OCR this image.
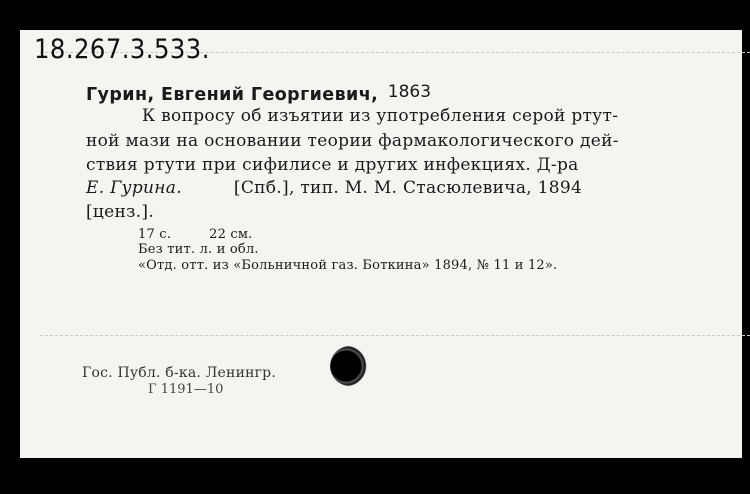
18.267.3.533.
Гурин, Евгений Георгиевич, 1863
К вопросу об изъятии из употребления серой ртут-
ной мази на основании теории фармакологического дей-
ствия ртути при сифилисе и других инфекциях. Д-ра
Е. Гурина.	[Спб.], тип. М. М. Стасюлевича, 1894
[ценз.].
17 с.	22 см.
Без тит. л. и обл.
«Отд. отт. из «Больничной газ. Боткина» 1894, № 11 и 12».
Гос. Публ. б-ка. Ленингр.
Г 1191—10
